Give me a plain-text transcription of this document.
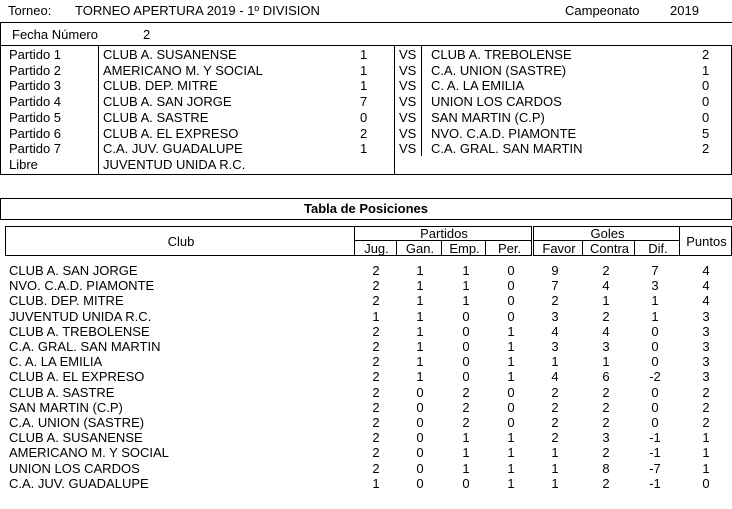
Torneo: TORNEO APERTURA 2019 - 1º DIVISION	Campeonato 2019
Fecha Número	2
Partido 1	CLUB A. SUSANENSE	1 VS CLUB A. TREBOLENSE	2
Partido 2	AMERICANO M. Y SOCIAL	1 VS C.A. UNION (SASTRE)	1
Partido 3	CLUB. DEP. MITRE	1 VS C. A. LA EMILIA	0
Partido 4	CLUB A. SAN JORGE	7 VS UNION LOS CARDOS	0
Partido 5	CLUB A. SASTRE	0 VS SAN MARTIN (C.P)	0
Partido 6	CLUB A. EL EXPRESO	2 VS NVO. C.A.D. PIAMONTE	5
Partido 7	C.A. JUV. GUADALUPE	1 VS C.A. GRAL. SAN MARTIN	2
Libre	JUVENTUD UNIDA R.C.
Tabla de Posiciones
Club
Partidos	Goles
Puntos
Jug.	Gan.	Emp.	Per.	Favor	Contra	Dif.
CLUB A. SAN JORGE	2	1	1	0	9	2	7	4
NVO. C.A.D. PIAMONTE	2	1	1	0	7	4	3	4
CLUB. DEP. MITRE	2	1	1	0	2	1	1	4
JUVENTUD UNIDA R.C.	1	1	0	0	3	2	1	3
CLUB A. TREBOLENSE	2	1	0	1	4	4	0	3
C.A. GRAL. SAN MARTIN	2	1	0	1	3	3	0	3
C. A. LA EMILIA	2	1	0	1	1	1	0	3
CLUB A. EL EXPRESO	2	1	0	1	4	6	-2	3
CLUB A. SASTRE	2	0	2	0	2	2	0	2
SAN MARTIN (C.P)	2	0	2	0	2	2	0	2
C.A. UNION (SASTRE)	2	0	2	0	2	2	0	2
CLUB A. SUSANENSE	2	0	1	1	2	3	-1	1
AMERICANO M. Y SOCIAL	2	0	1	1	1	2	-1	1
UNION LOS CARDOS	2	0	1	1	1	8	-7	1
C.A. JUV. GUADALUPE	1	0	0	1	1	2	-1	0
